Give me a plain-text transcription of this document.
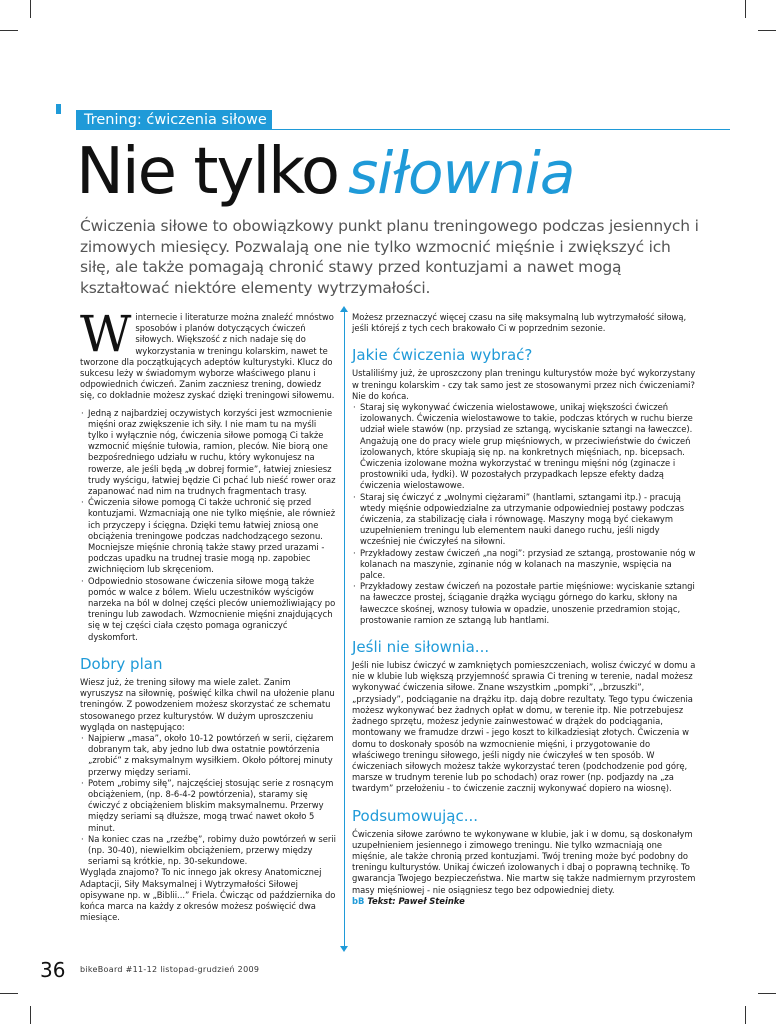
Trening: ćwiczenia siłowe
Nie tylko siłownia
Ćwiczenia siłowe to obowiązkowy punkt planu treningowego podczas jesiennych i zimowych miesięcy. Pozwalają one nie tylko wzmocnić mięśnie i zwiększyć ich siłę, ale także pomagają chronić stawy przed kontuzjami a nawet mogą kształtować niektóre elementy wytrzymałości.

Winternecie i literaturze można znaleźć mnóstwo sposobów i planów dotyczących ćwiczeń siłowych. Większość z nich nadaje się do wykorzystania w treningu kolarskim, nawet te tworzone dla początkujących adeptów kulturystyki. Klucz do sukcesu leży w świadomym wyborze właściwego planu i odpowiednich ćwiczeń. Zanim zaczniesz trening, dowiedz się, co dokładnie możesz zyskać dzięki treningowi siłowemu.

· Jedną z najbardziej oczywistych korzyści jest wzmocnienie mięśni oraz zwiększenie ich siły. I nie mam tu na myśli tylko i wyłącznie nóg, ćwiczenia siłowe pomogą Ci także wzmocnić mięśnie tułowia, ramion, pleców. Nie biorą one bezpośredniego udziału w ruchu, który wykonujesz na rowerze, ale jeśli będą „w dobrej formie”, łatwiej zniesiesz trudy wyścigu, łatwiej będzie Ci pchać lub nieść rower oraz zapanować nad nim na trudnych fragmentach trasy.
· Ćwiczenia siłowe pomogą Ci także uchronić się przed kontuzjami. Wzmacniają one nie tylko mięśnie, ale również ich przyczepy i ścięgna. Dzięki temu łatwiej zniosą one obciążenia treningowe podczas nadchodzącego sezonu. Mocniejsze mięśnie chronią także stawy przed urazami - podczas upadku na trudnej trasie mogą np. zapobiec zwichnięciom lub skręceniom.
· Odpowiednio stosowane ćwiczenia siłowe mogą także pomóc w walce z bólem. Wielu uczestników wyścigów narzeka na ból w dolnej części pleców uniemożliwiający po treningu lub zawodach. Wzmocnienie mięśni znajdujących się w tej części ciała często pomaga ograniczyć dyskomfort.
Dobry plan

Wiesz już, że trening siłowy ma wiele zalet. Zanim wyruszysz na siłownię, poświęć kilka chwil na ułożenie planu treningów. Z powodzeniem możesz skorzystać ze schematu stosowanego przez kulturystów. W dużym uproszczeniu wygląda on następująco:

· Najpierw „masa”, około 10-12 powtórzeń w serii, ciężarem dobranym tak, aby jedno lub dwa ostatnie powtórzenia „zrobić” z maksymalnym wysiłkiem. Około półtorej minuty przerwy między seriami.
· Potem „robimy siłę”, najczęściej stosując serie z rosnącym obciążeniem, (np. 8-6-4-2 powtórzenia), staramy się ćwiczyć z obciążeniem bliskim maksymalnemu. Przerwy między seriami są dłuższe, mogą trwać nawet około 5 minut.
· Na koniec czas na „rzeźbę”, robimy dużo powtórzeń w serii (np. 30-40), niewielkim obciążeniem, przerwy między seriami są krótkie, np. 30-sekundowe.

Wygląda znajomo? To nic innego jak okresy Anatomicznej Adaptacji, Siły Maksymalnej i Wytrzymałości Siłowej opisywane np. w „Biblii...” Friela. Ćwicząc od października do końca marca na każdy z okresów możesz poświęcić dwa miesiące.

Możesz przeznaczyć więcej czasu na siłę maksymalną lub wytrzymałość siłową, jeśli którejś z tych cech brakowało Ci w poprzednim sezonie.

Jakie ćwiczenia wybrać?

Ustaliliśmy już, że uproszczony plan treningu kulturystów może być wykorzystany w treningu kolarskim - czy tak samo jest ze stosowanymi przez nich ćwiczeniami? Nie do końca.

· Staraj się wykonywać ćwiczenia wielostawowe, unikaj większości ćwiczeń izolowanych. Ćwiczenia wielostawowe to takie, podczas których w ruchu bierze udział wiele stawów (np. przysiad ze sztangą, wyciskanie sztangi na ławeczce). Angażują one do pracy wiele grup mięśniowych, w przeciwieństwie do ćwiczeń izolowanych, które skupiają się np. na konkretnych mięśniach, np. bicepsach. Ćwiczenia izolowane można wykorzystać w treningu mięśni nóg (zginacze i prostowniki uda, łydki). W pozostałych przypadkach lepsze efekty dadzą ćwiczenia wielostawowe.
· Staraj się ćwiczyć z „wolnymi ciężarami” (hantlami, sztangami itp.) - pracują wtedy mięśnie odpowiedzialne za utrzymanie odpowiedniej postawy podczas ćwiczenia, za stabilizację ciała i równowagę. Maszyny mogą być ciekawym uzupełnieniem treningu lub elementem nauki danego ruchu, jeśli nigdy wcześniej nie ćwiczyłeś na siłowni.
· Przykładowy zestaw ćwiczeń „na nogi”: przysiad ze sztangą, prostowanie nóg w kolanach na maszynie, zginanie nóg w kolanach na maszynie, wspięcia na palce.
· Przykładowy zestaw ćwiczeń na pozostałe partie mięśniowe: wyciskanie sztangi na ławeczce prostej, ściąganie drążka wyciągu górnego do karku, skłony na ławeczce skośnej, wznosy tułowia w opadzie, unoszenie przedramion stojąc, prostowanie ramion ze sztangą lub hantlami.
Jeśli nie siłownia...

Jeśli nie lubisz ćwiczyć w zamkniętych pomieszczeniach, wolisz ćwiczyć w domu a nie w klubie lub większą przyjemność sprawia Ci trening w terenie, nadal możesz wykonywać ćwiczenia siłowe. Znane wszystkim „pompki”, „brzuszki”, „przysiady”, podciąganie na drążku itp. dają dobre rezultaty. Tego typu ćwiczenia możesz wykonywać bez żadnych opłat w domu, w terenie itp. Nie potrzebujesz żadnego sprzętu, możesz jedynie zainwestować w drążek do podciągania, montowany we framudze drzwi - jego koszt to kilkadziesiąt złotych. Ćwiczenia w domu to doskonały sposób na wzmocnienie mięśni, i przygotowanie do właściwego treningu siłowego, jeśli nigdy nie ćwiczyłeś w ten sposób. W ćwiczeniach siłowych możesz także wykorzystać teren (podchodzenie pod górę, marsze w trudnym terenie lub po schodach) oraz rower (np. podjazdy na „za twardym” przełożeniu - to ćwiczenie zacznij wykonywać dopiero na wiosnę).

Podsumowując...

Ćwiczenia siłowe zarówno te wykonywane w klubie, jak i w domu, są doskonałym uzupełnieniem jesiennego i zimowego treningu. Nie tylko wzmacniają one mięśnie, ale także chronią przed kontuzjami. Twój trening może być podobny do treningu kulturystów. Unikaj ćwiczeń izolowanych i dbaj o poprawną technikę. To gwarancja Twojego bezpieczeństwa. Nie martw się także nadmiernym przyrostem masy mięśniowej - nie osiągniesz tego bez odpowiedniej diety.

bB Tekst: Paweł Steinke

36 bikeBoard #11-12 listopad-grudzień 2009
